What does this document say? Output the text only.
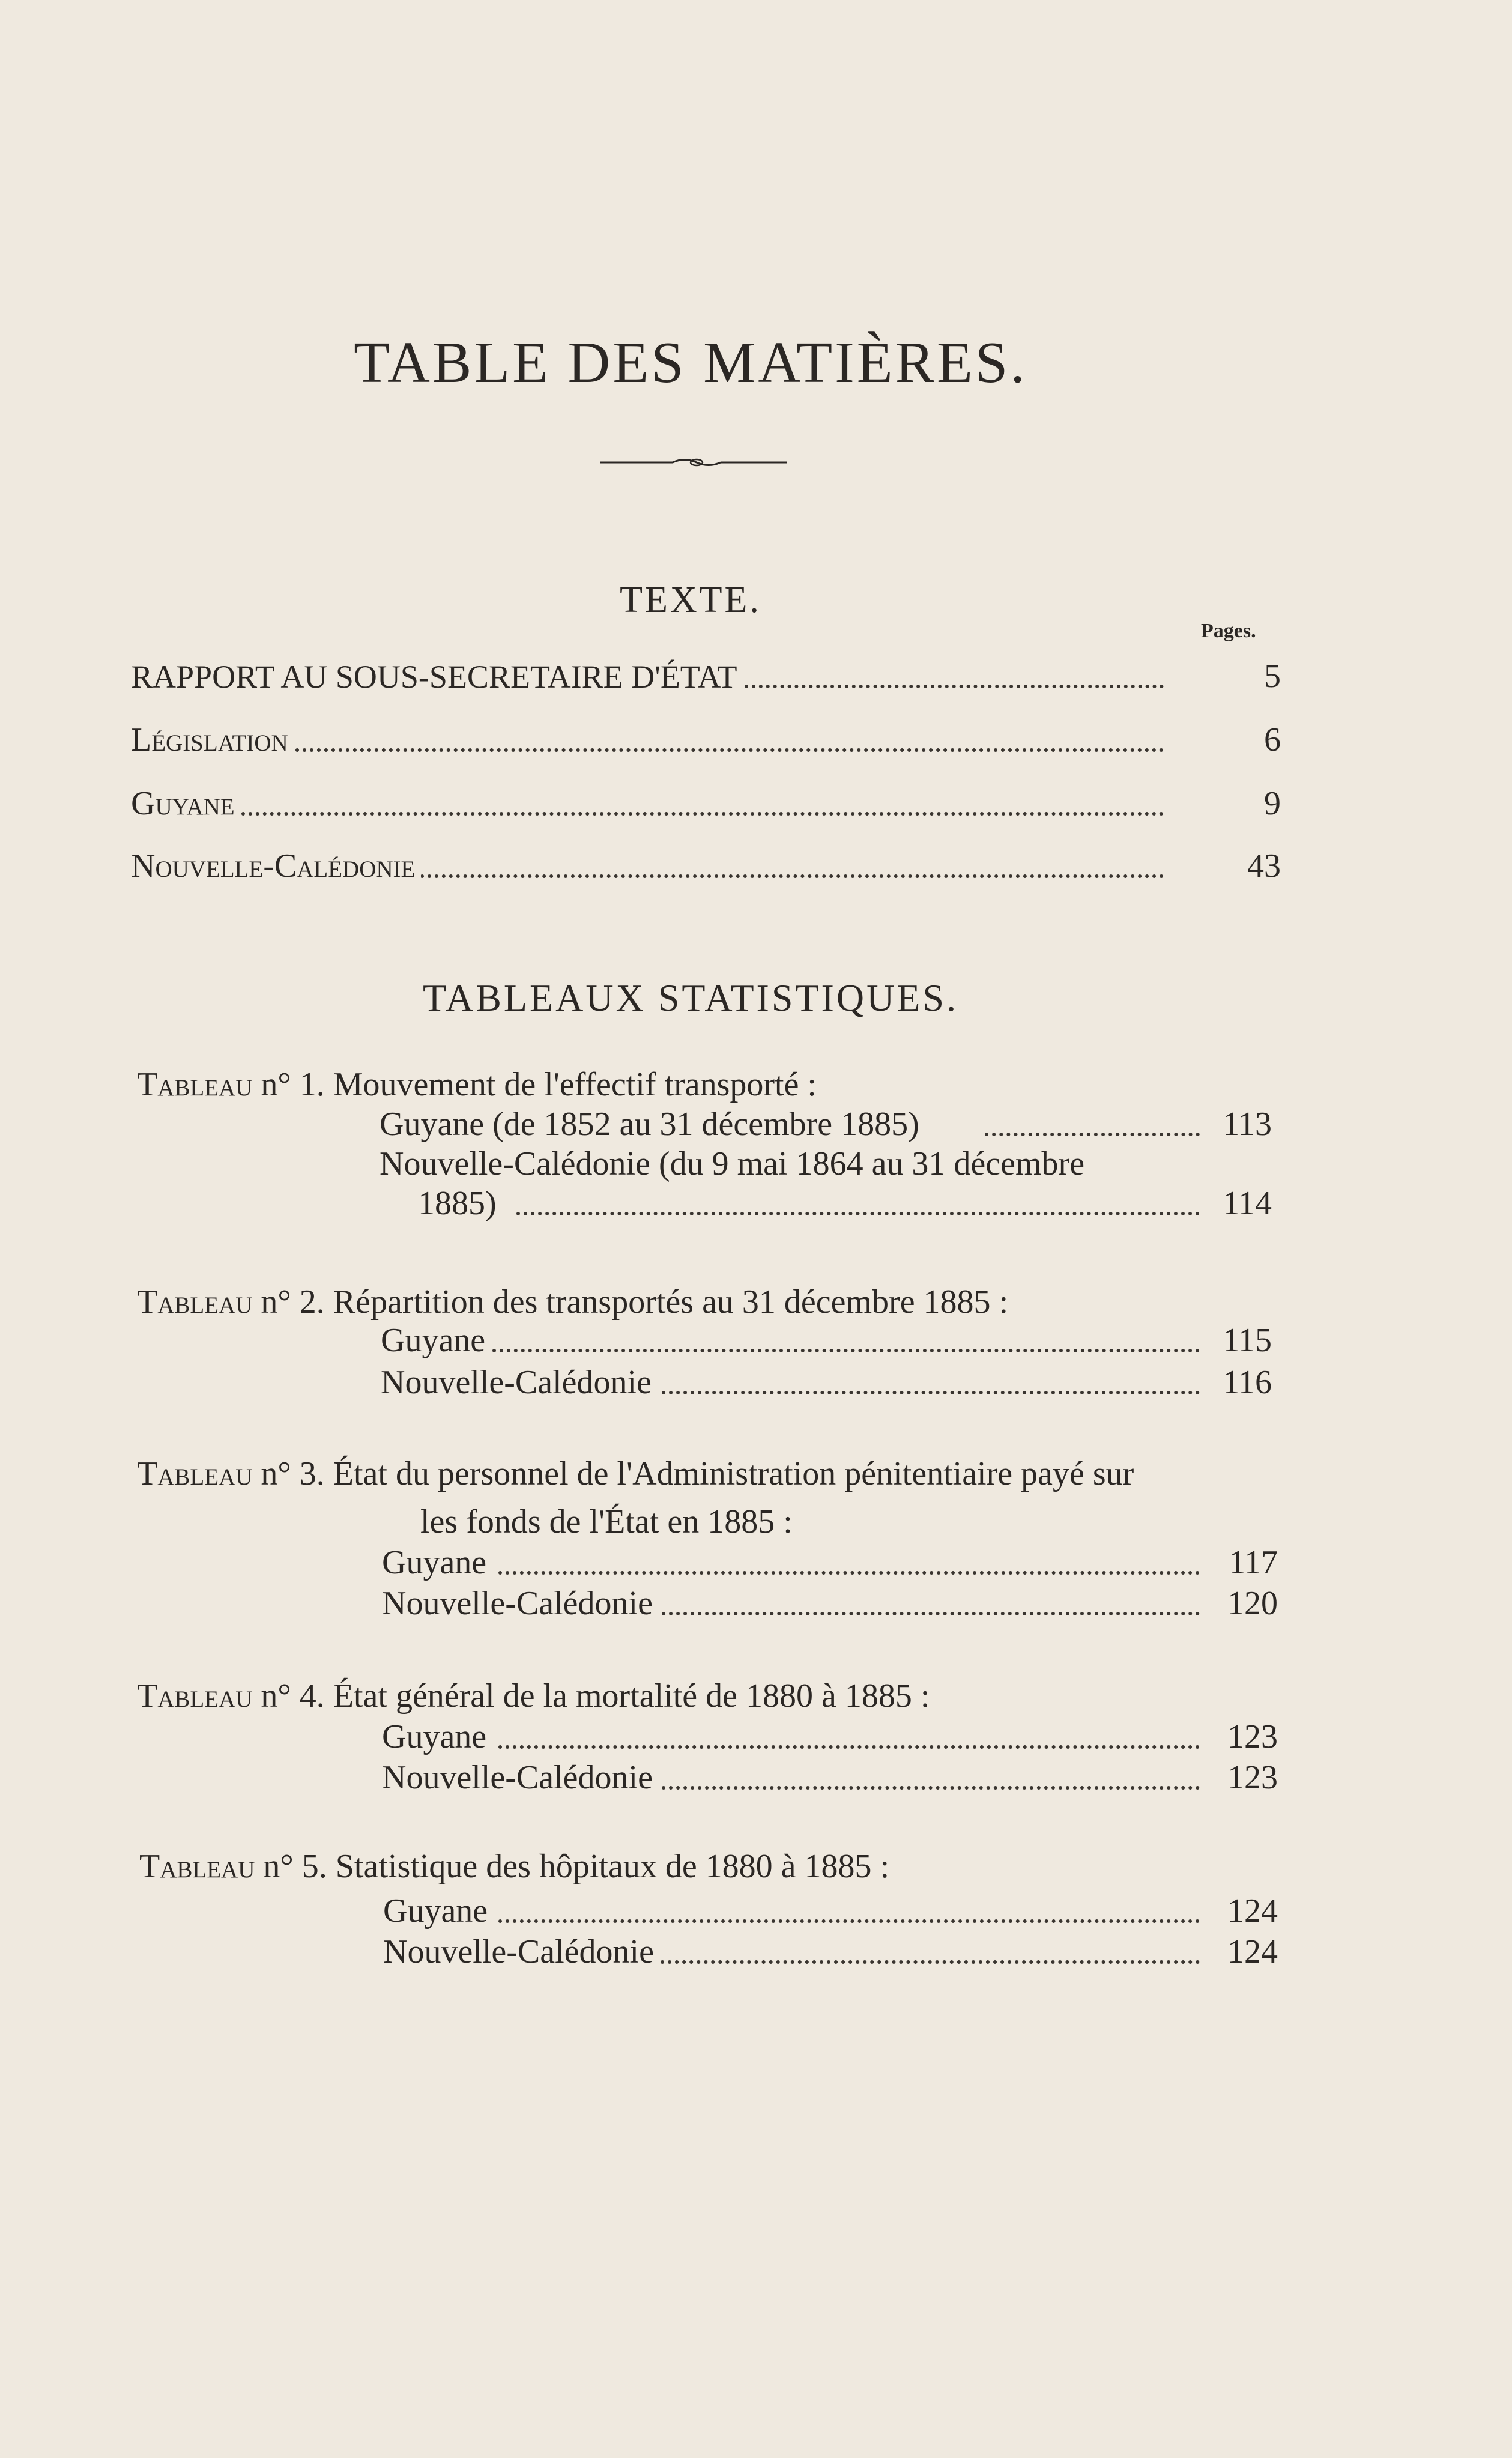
TABLE DES MATIÈRES.
TEXTE.
Pages.
RAPPORT AU SOUS-SECRETAIRE D'ÉTAT	5
Législation	6
Guyane	9
Nouvelle-Calédonie	43
TABLEAUX STATISTIQUES.
Tableau n° 1. Mouvement de l'effectif transporté :
Guyane (de 1852 au 31 décembre 1885)	113
Nouvelle-Calédonie (du 9 mai 1864 au 31 décembre
1885)	114
Tableau n° 2. Répartition des transportés au 31 décembre 1885 :
Guyane	115
Nouvelle-Calédonie	116
Tableau n° 3. État du personnel de l'Administration pénitentiaire payé sur
les fonds de l'État en 1885 :
Guyane	117
Nouvelle-Calédonie	120
Tableau n° 4. État général de la mortalité de 1880 à 1885 :
Guyane	123
Nouvelle-Calédonie	123
Tableau n° 5. Statistique des hôpitaux de 1880 à 1885 :
Guyane	124
Nouvelle-Calédonie	124
